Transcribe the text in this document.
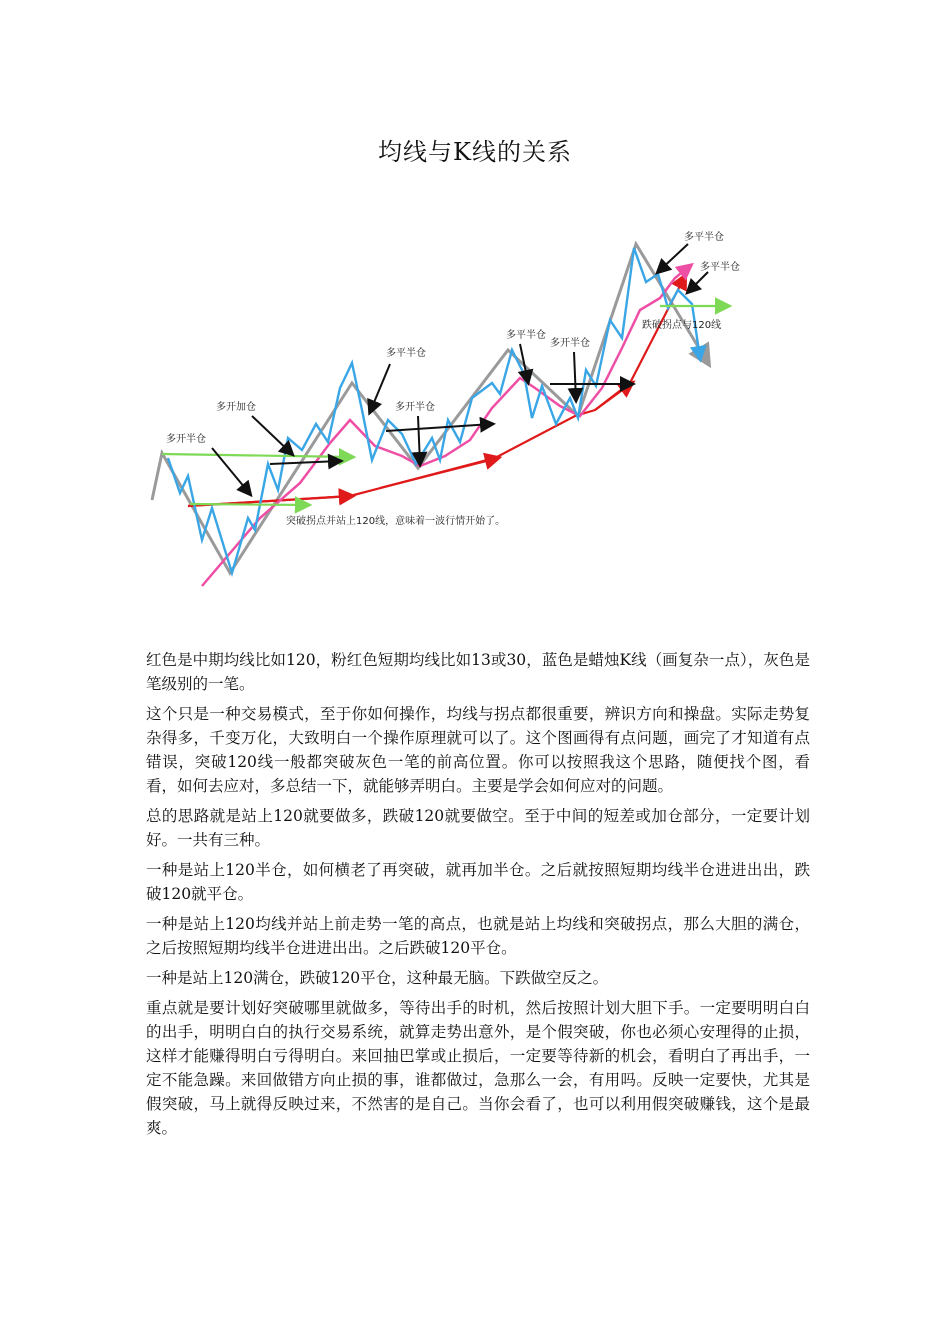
均线与K线的关系
多开半仓
多开加仓
多平半仓
多开半仓
多平半仓
多开半仓
多平半仓
多平半仓
跌破拐点与120线
突破拐点并站上120线，意味着一波行情开始了。

红色是中期均线比如120，粉红色短期均线比如13或30，蓝色是蜡烛K线（画复杂一点），灰色是笔级别的一笔。

这个只是一种交易模式，至于你如何操作，均线与拐点都很重要，辨识方向和操盘。实际走势复杂得多，千变万化，大致明白一个操作原理就可以了。这个图画得有点问题，画完了才知道有点错误，突破120线一般都突破灰色一笔的前高位置。你可以按照我这个思路，随便找个图，看看，如何去应对，多总结一下，就能够弄明白。主要是学会如何应对的问题。

总的思路就是站上120就要做多，跌破120就要做空。至于中间的短差或加仓部分，一定要计划好。一共有三种。

一种是站上120半仓，如何横老了再突破，就再加半仓。之后就按照短期均线半仓进进出出，跌破120就平仓。

一种是站上120均线并站上前走势一笔的高点，也就是站上均线和突破拐点，那么大胆的满仓，之后按照短期均线半仓进进出出。之后跌破120平仓。

一种是站上120满仓，跌破120平仓，这种最无脑。下跌做空反之。

重点就是要计划好突破哪里就做多，等待出手的时机，然后按照计划大胆下手。一定要明明白白的出手，明明白白的执行交易系统，就算走势出意外，是个假突破，你也必须心安理得的止损，这样才能赚得明白亏得明白。来回抽巴掌或止损后，一定要等待新的机会，看明白了再出手，一定不能急躁。来回做错方向止损的事，谁都做过，急那么一会，有用吗。反映一定要快，尤其是假突破，马上就得反映过来，不然害的是自己。当你会看了，也可以利用假突破赚钱，这个是最爽。
